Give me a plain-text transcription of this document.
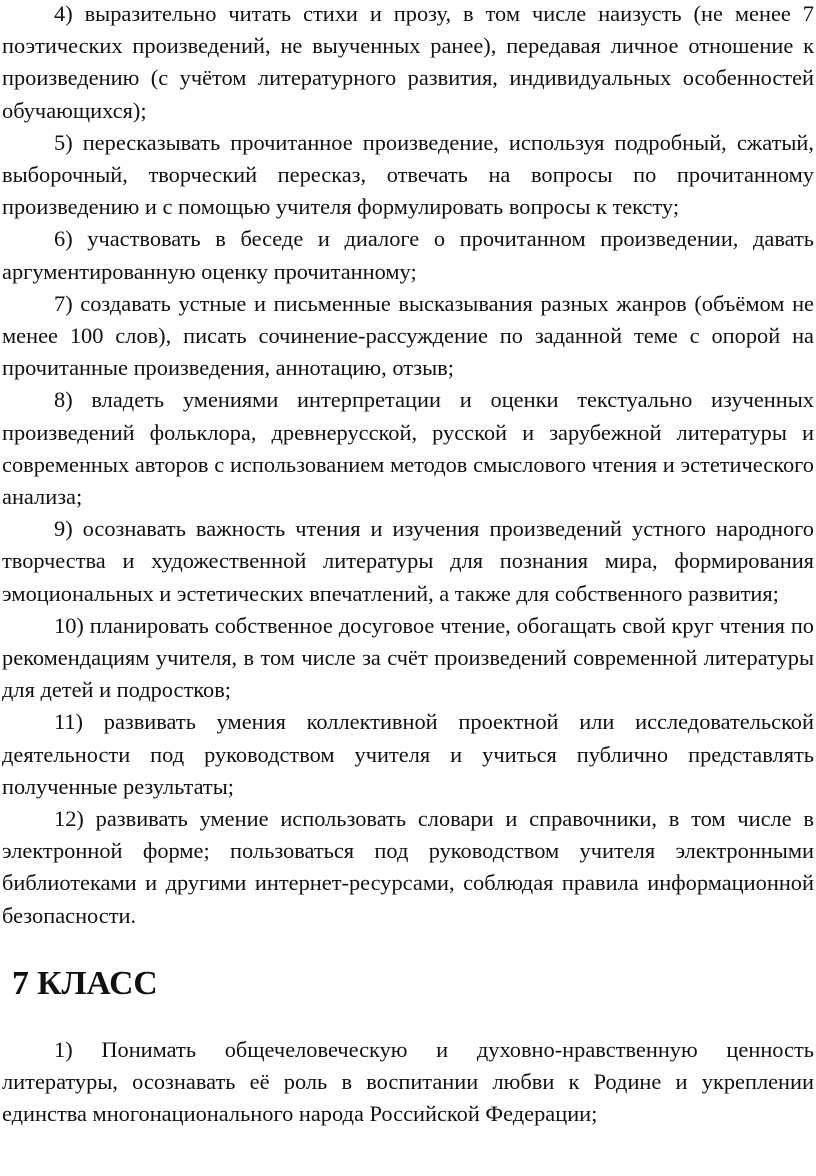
4) выразительно читать стихи и прозу, в том числе наизусть (не менее 7 поэтических произведений, не выученных ранее), передавая личное отношение к произведению (с учётом литературного развития, индивидуальных особенностей обучающихся);

5) пересказывать прочитанное произведение, используя подробный, сжатый, выборочный, творческий пересказ, отвечать на вопросы по прочитанному произведению и с помощью учителя формулировать вопросы к тексту;

6) участвовать в беседе и диалоге о прочитанном произведении, давать аргументированную оценку прочитанному;

7) создавать устные и письменные высказывания разных жанров (объёмом не менее 100 слов), писать сочинение-рассуждение по заданной теме с опорой на прочитанные произведения, аннотацию, отзыв;

8) владеть умениями интерпретации и оценки текстуально изученных произведений фольклора, древнерусской, русской и зарубежной литературы и современных авторов с использованием методов смыслового чтения и эстетического анализа;

9) осознавать важность чтения и изучения произведений устного народного творчества и художественной литературы для познания мира, формирования эмоциональных и эстетических впечатлений, а также для собственного развития;

10) планировать собственное досуговое чтение, обогащать свой круг чтения по рекомендациям учителя, в том числе за счёт произведений современной литературы для детей и подростков;

11) развивать умения коллективной проектной или исследовательской деятельности под руководством учителя и учиться публично представлять полученные результаты;

12) развивать умение использовать словари и справочники, в том числе в электронной форме; пользоваться под руководством учителя электронными библиотеками и другими интернет-ресурсами, соблюдая правила информационной безопасности.

7 КЛАСС

1) Понимать общечеловеческую и духовно-нравственную ценность литературы, осознавать её роль в воспитании любви к Родине и укреплении единства многонационального народа Российской Федерации;
